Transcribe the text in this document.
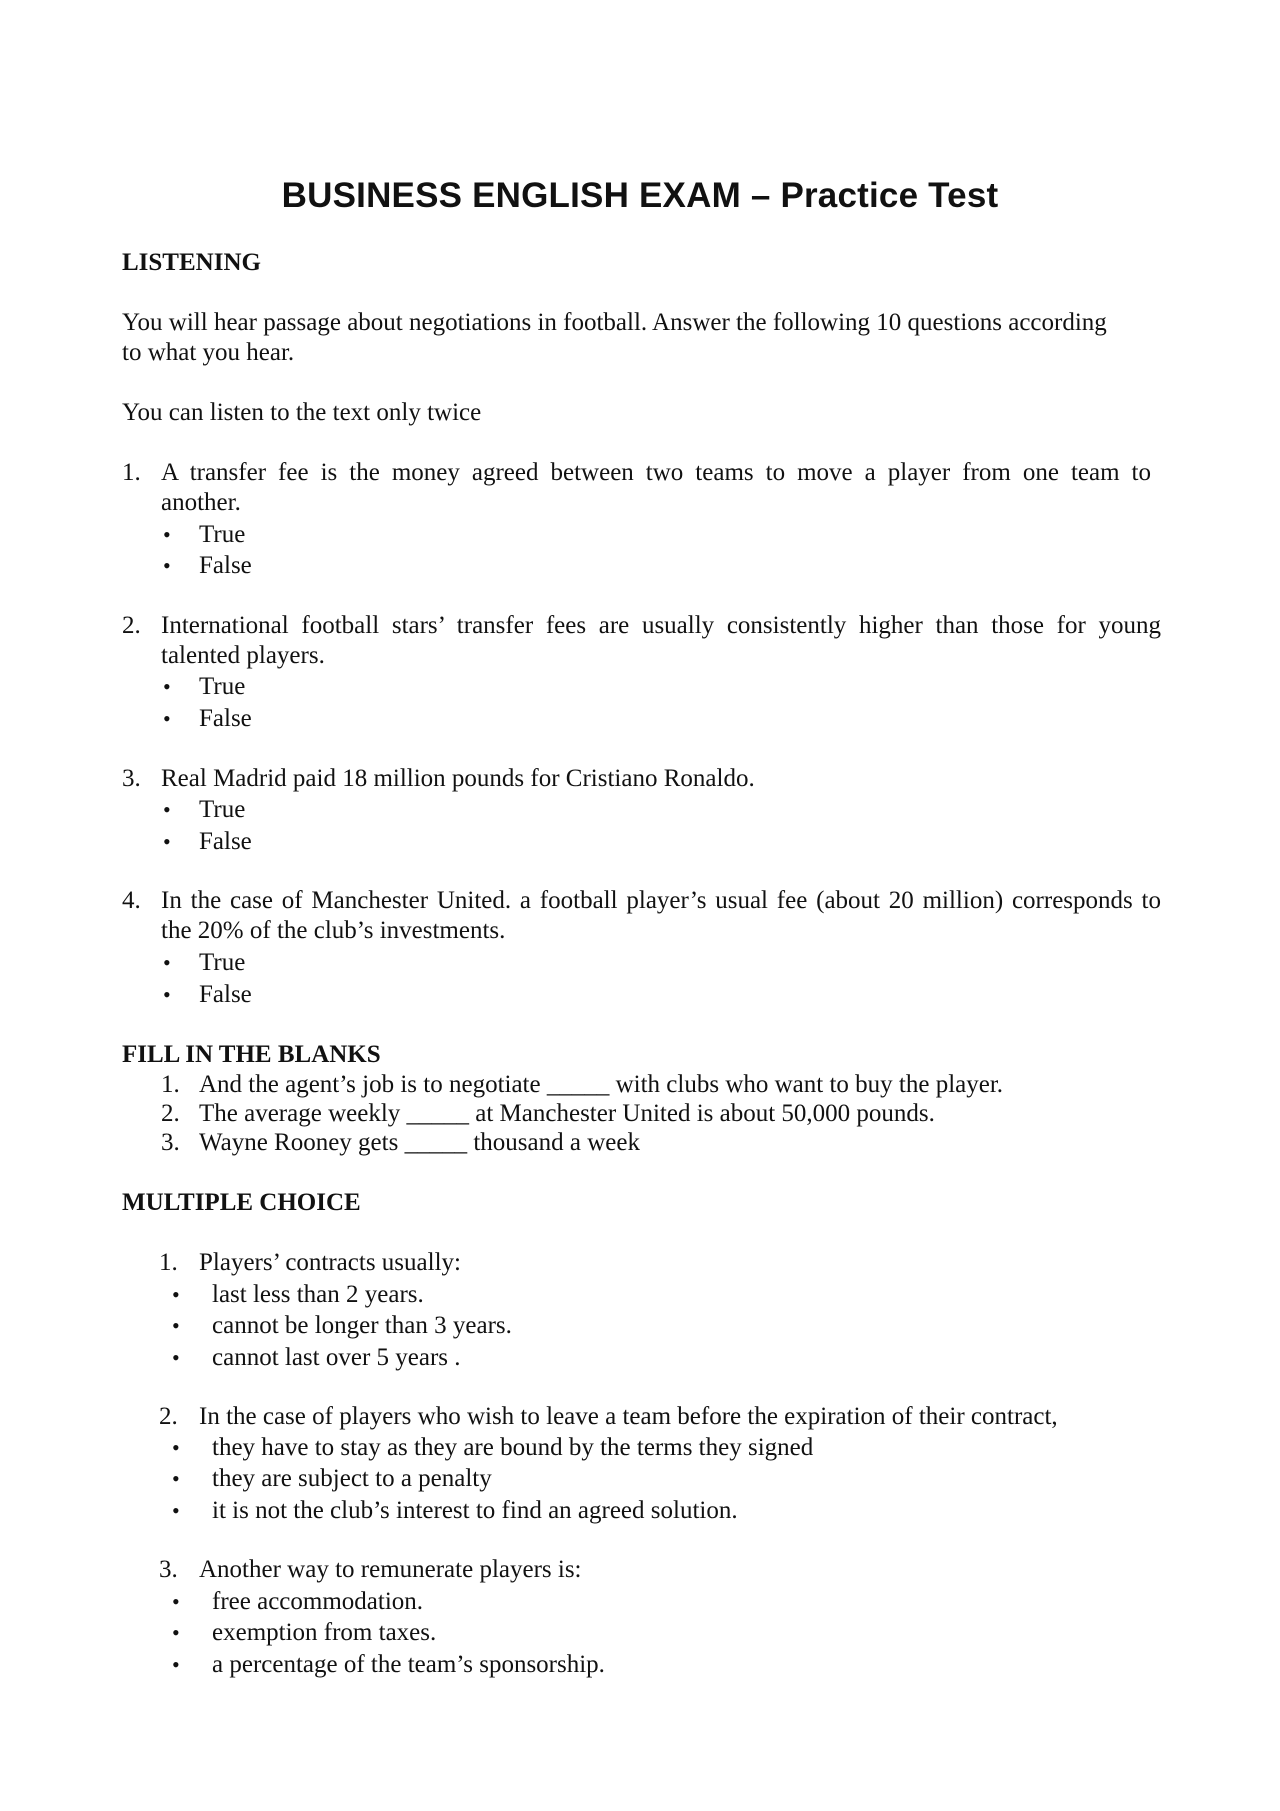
BUSINESS ENGLISH EXAM – Practice Test
LISTENING
You will hear passage about negotiations in football. Answer the following 10 questions according
to what you hear.
You can listen to the text only twice
1. A transfer fee is the money agreed between two teams to move a player from one team to
another.
• True
• False
2. International football stars’ transfer fees are usually consistently higher than those for young
talented players.
• True
• False
3. Real Madrid paid 18 million pounds for Cristiano Ronaldo.
• True
• False
4. In the case of Manchester United. a football player’s usual fee (about 20 million) corresponds to
the 20% of the club’s investments.
• True
• False
FILL IN THE BLANKS
1. And the agent’s job is to negotiate _____ with clubs who want to buy the player.
2. The average weekly _____ at Manchester United is about 50,000 pounds.
3. Wayne Rooney gets _____ thousand a week
MULTIPLE CHOICE
1. Players’ contracts usually:
• last less than 2 years.
• cannot be longer than 3 years.
• cannot last over 5 years .
2. In the case of players who wish to leave a team before the expiration of their contract,
• they have to stay as they are bound by the terms they signed
• they are subject to a penalty
• it is not the club’s interest to find an agreed solution.
3. Another way to remunerate players is:
• free accommodation.
• exemption from taxes.
• a percentage of the team’s sponsorship.
